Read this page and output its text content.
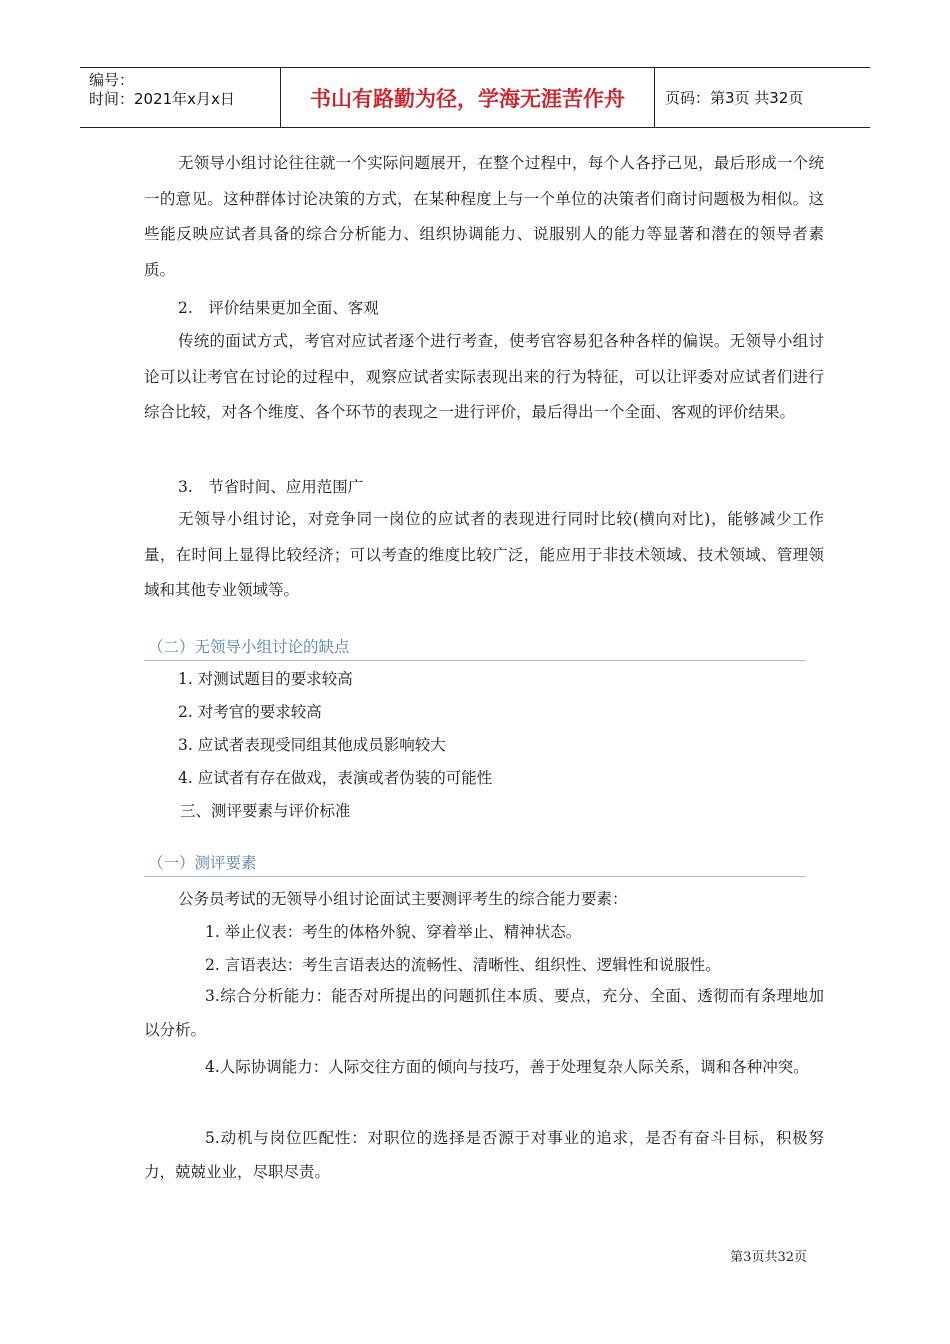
编号：
时间：2021年x月x日	书山有路勤为径，学海无涯苦作舟	页码：第3页 共32页

无领导小组讨论往往就一个实际问题展开，在整个过程中，每个人各抒己见，最后形成一个统一的意见。这种群体讨论决策的方式，在某种程度上与一个单位的决策者们商讨问题极为相似。这些能反映应试者具备的综合分析能力、组织协调能力、说服别人的能力等显著和潜在的领导者素质。

2.　评价结果更加全面、客观

传统的面试方式，考官对应试者逐个进行考查，使考官容易犯各种各样的偏误。无领导小组讨论可以让考官在讨论的过程中，观察应试者实际表现出来的行为特征，可以让评委对应试者们进行综合比较，对各个维度、各个环节的表现之一进行评价，最后得出一个全面、客观的评价结果。

3.　节省时间、应用范围广

无领导小组讨论，对竞争同一岗位的应试者的表现进行同时比较(横向对比)，能够减少工作量，在时间上显得比较经济；可以考查的维度比较广泛，能应用于非技术领域、技术领域、管理领域和其他专业领域等。

（二）无领导小组讨论的缺点

1. 对测试题目的要求较高

2. 对考官的要求较高

3. 应试者表现受同组其他成员影响较大

4. 应试者有存在做戏，表演或者伪装的可能性

三、测评要素与评价标准

（一）测评要素

公务员考试的无领导小组讨论面试主要测评考生的综合能力要素：

1. 举止仪表：考生的体格外貌、穿着举止、精神状态。

2. 言语表达：考生言语表达的流畅性、清晰性、组织性、逻辑性和说服性。

3.综合分析能力：能否对所提出的问题抓住本质、要点，充分、全面、透彻而有条理地加以分析。

4.人际协调能力：人际交往方面的倾向与技巧，善于处理复杂人际关系，调和各种冲突。

5.动机与岗位匹配性：对职位的选择是否源于对事业的追求，是否有奋斗目标，积极努力，兢兢业业，尽职尽责。

第3页共32页
